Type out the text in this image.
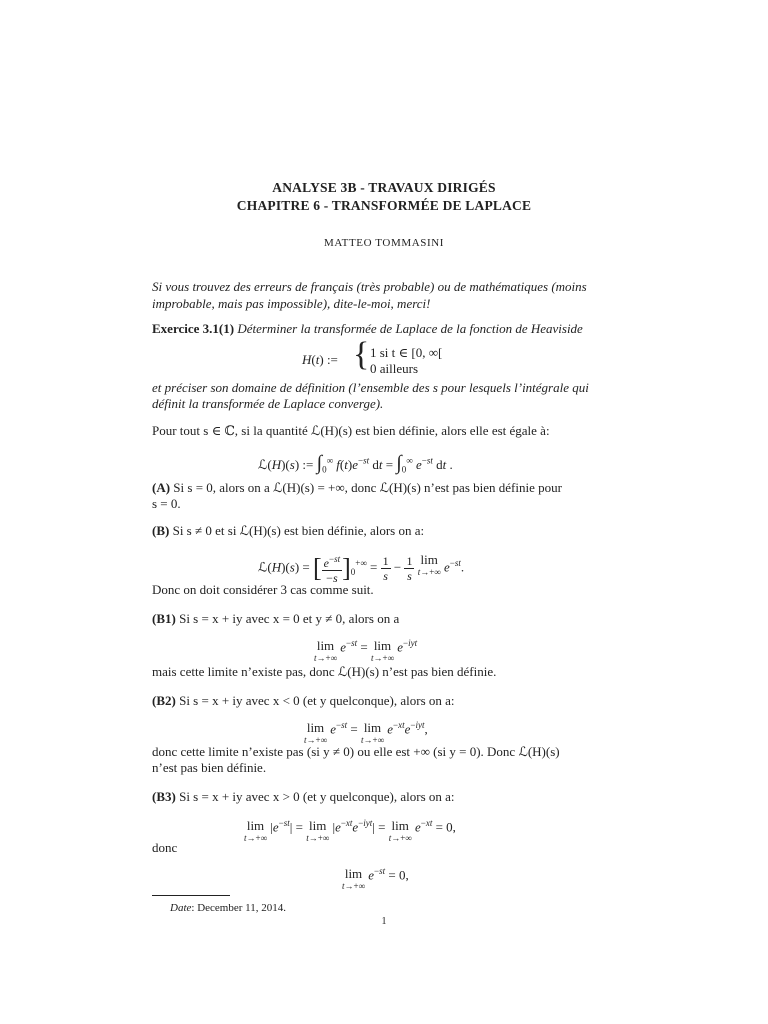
ANALYSE 3B - TRAVAUX DIRIGÉS
CHAPITRE 6 - TRANSFORMÉE DE LAPLACE
MATTEO TOMMASINI
Si vous trouvez des erreurs de français (très probable) ou de mathématiques (moins
improbable, mais pas impossible), dite-le-moi, merci!
Exercice 3.1(1) Déterminer la transformée de Laplace de la fonction de Heaviside
H(t) := { 1 si t ∈ [0, ∞[
0 ailleurs
et préciser son domaine de définition (l’ensemble des s pour lesquels l’intégrale qui
définit la transformée de Laplace converge).
Pour tout s ∈ ℂ, si la quantité ℒ(H)(s) est bien définie, alors elle est égale à:
ℒ(H)(s) := $\int_0^\infty$ $f(t)e^{-st}$ dt = $\int_0^\infty$ $e^{-st}$ dt .
(A) Si s = 0, alors on a ℒ(H)(s) = +∞, donc ℒ(H)(s) n’est pas bien définie pour
s = 0.
(B) Si s ≠ 0 et si ℒ(H)(s) est bien définie, alors on a:
ℒ(H)(s) = [ $\frac{e^{-st}}{-s} ]_0^{+\infty} = \frac{1}{s} - \frac{1}{s}$ lim
t→+∞ $e^{-st}$.
Donc on doit considérer 3 cas comme suit.
(B1) Si s = x + iy avec x = 0 et y ≠ 0, alors on a
lim
t→+∞
$e^{-st} = \lim$
t→+∞
$e^{-iyt}$
mais cette limite n’existe pas, donc ℒ(H)(s) n’est pas bien définie.
(B2) Si s = x + iy avec x < 0 (et y quelconque), alors on a:
lim
t→+∞
$e^{-st} = \lim$
t→+∞
$e^{-xt}e^{-iyt}$,
donc cette limite n’existe pas (si y ≠ 0) ou elle est +∞ (si y = 0). Donc ℒ(H)(s)
n’est pas bien définie.
(B3) Si s = x + iy avec x > 0 (et y quelconque), alors on a:
lim
t→+∞
$|e^{-st}| = \lim$
t→+∞
$|e^{-xt}e^{-iyt}| = \lim$
t→+∞
$e^{-xt} = 0$,
donc
lim
t→+∞
$e^{-st} = 0$,
Date: December 11, 2014.
1
